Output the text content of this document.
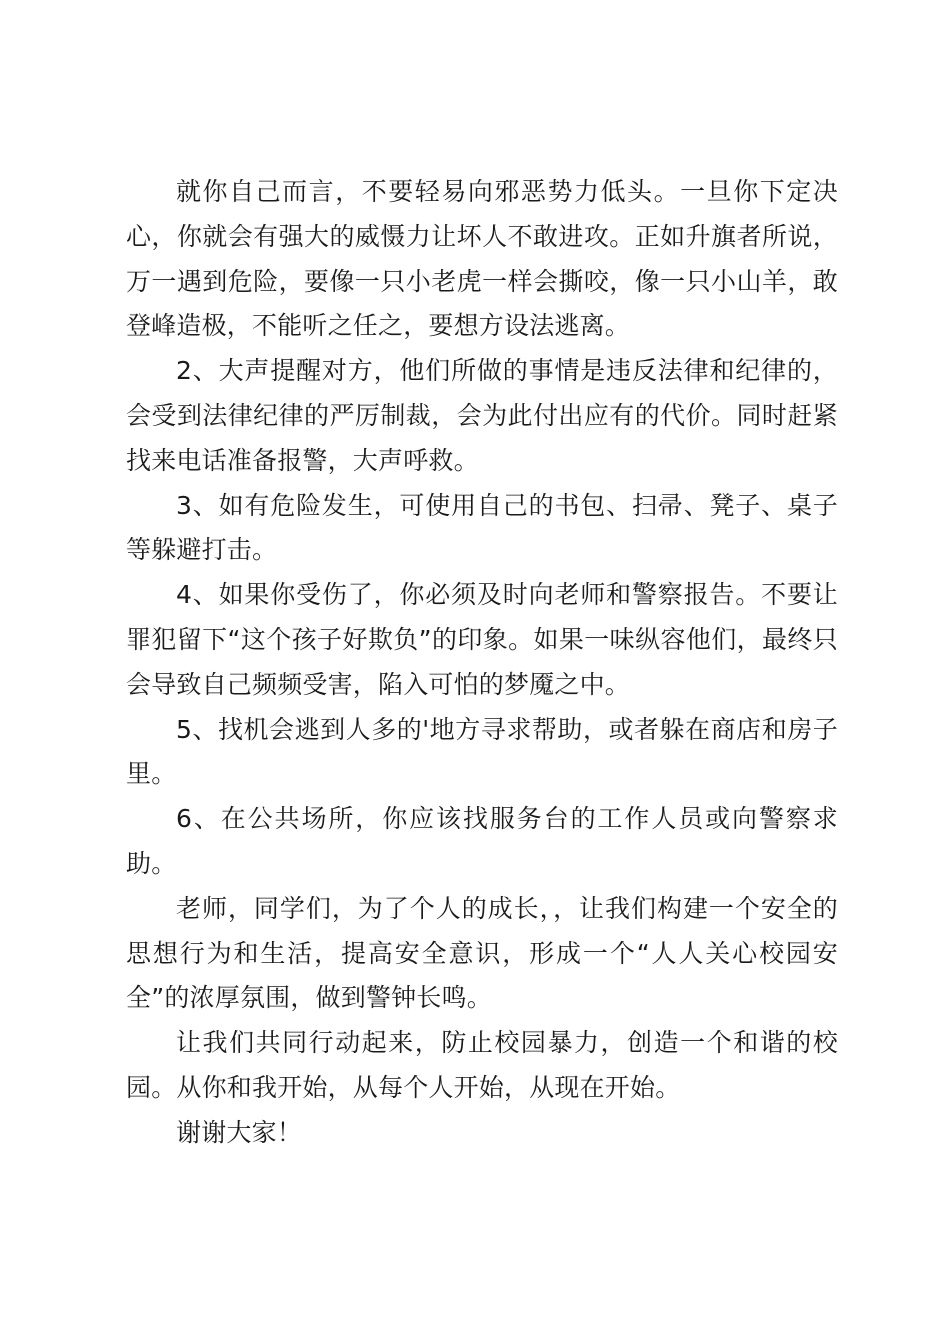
就你自己而言，不要轻易向邪恶势力低头。一旦你下定决心，你就会有强大的威慑力让坏人不敢进攻。正如升旗者所说，万一遇到危险，要像一只小老虎一样会撕咬，像一只小山羊，敢登峰造极，不能听之任之，要想方设法逃离。

2、大声提醒对方，他们所做的事情是违反法律和纪律的，会受到法律纪律的严厉制裁，会为此付出应有的代价。同时赶紧找来电话准备报警，大声呼救。

3、如有危险发生，可使用自己的书包、扫帚、凳子、桌子等躲避打击。

4、如果你受伤了，你必须及时向老师和警察报告。不要让罪犯留下“这个孩子好欺负”的印象。如果一味纵容他们，最终只会导致自己频频受害，陷入可怕的梦魇之中。

5、找机会逃到人多的'地方寻求帮助，或者躲在商店和房子里。

6、在公共场所，你应该找服务台的工作人员或向警察求助。

老师，同学们，为了个人的成长，，让我们构建一个安全的思想行为和生活，提高安全意识，形成一个“人人关心校园安全”的浓厚氛围，做到警钟长鸣。

让我们共同行动起来，防止校园暴力，创造一个和谐的校园。从你和我开始，从每个人开始，从现在开始。

谢谢大家！
